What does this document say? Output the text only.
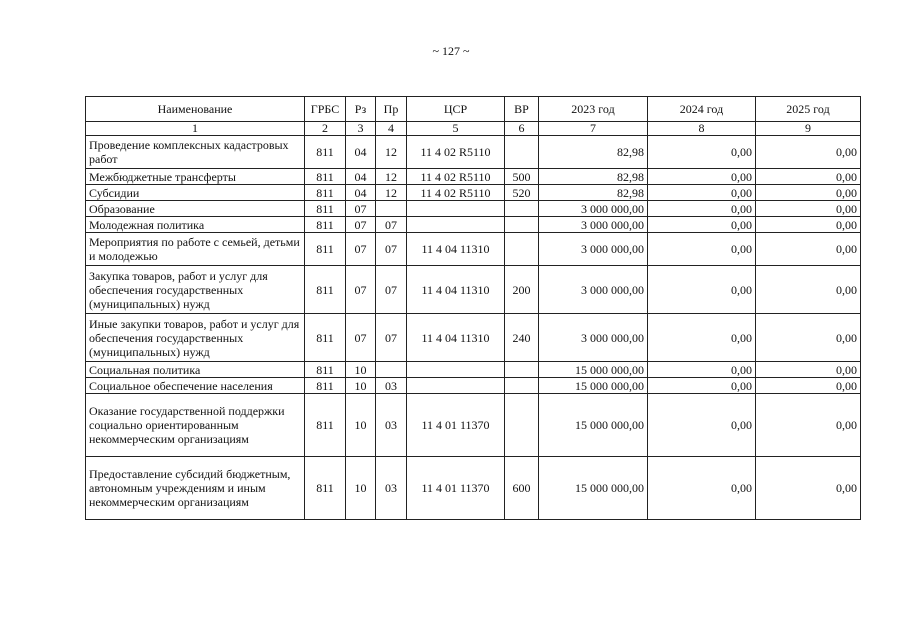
~ 127 ~
Наименование	ГРБС	Рз	Пр	ЦСР	ВР	2023 год	2024 год	2025 год
1	2	3	4	5	6	7	8	9
Проведение комплексных кадастровых работ	811	04	12	11 4 02 R5110		82,98	0,00	0,00
Межбюджетные трансферты	811	04	12	11 4 02 R5110	500	82,98	0,00	0,00
Субсидии	811	04	12	11 4 02 R5110	520	82,98	0,00	0,00
Образование	811	07				3 000 000,00	0,00	0,00
Молодежная политика	811	07	07			3 000 000,00	0,00	0,00
Мероприятия по работе с семьей, детьми и молодежью	811	07	07	11 4 04 11310		3 000 000,00	0,00	0,00
Закупка товаров, работ и услуг для обеспечения государственных (муниципальных) нужд	811	07	07	11 4 04 11310	200	3 000 000,00	0,00	0,00
Иные закупки товаров, работ и услуг для обеспечения государственных (муниципальных) нужд	811	07	07	11 4 04 11310	240	3 000 000,00	0,00	0,00
Социальная политика	811	10				15 000 000,00	0,00	0,00
Социальное обеспечение населения	811	10	03			15 000 000,00	0,00	0,00
Оказание государственной поддержки социально ориентированным некоммерческим организациям	811	10	03	11 4 01 11370		15 000 000,00	0,00	0,00
Предоставление субсидий бюджетным, автономным учреждениям и иным некоммерческим организациям	811	10	03	11 4 01 11370	600	15 000 000,00	0,00	0,00
